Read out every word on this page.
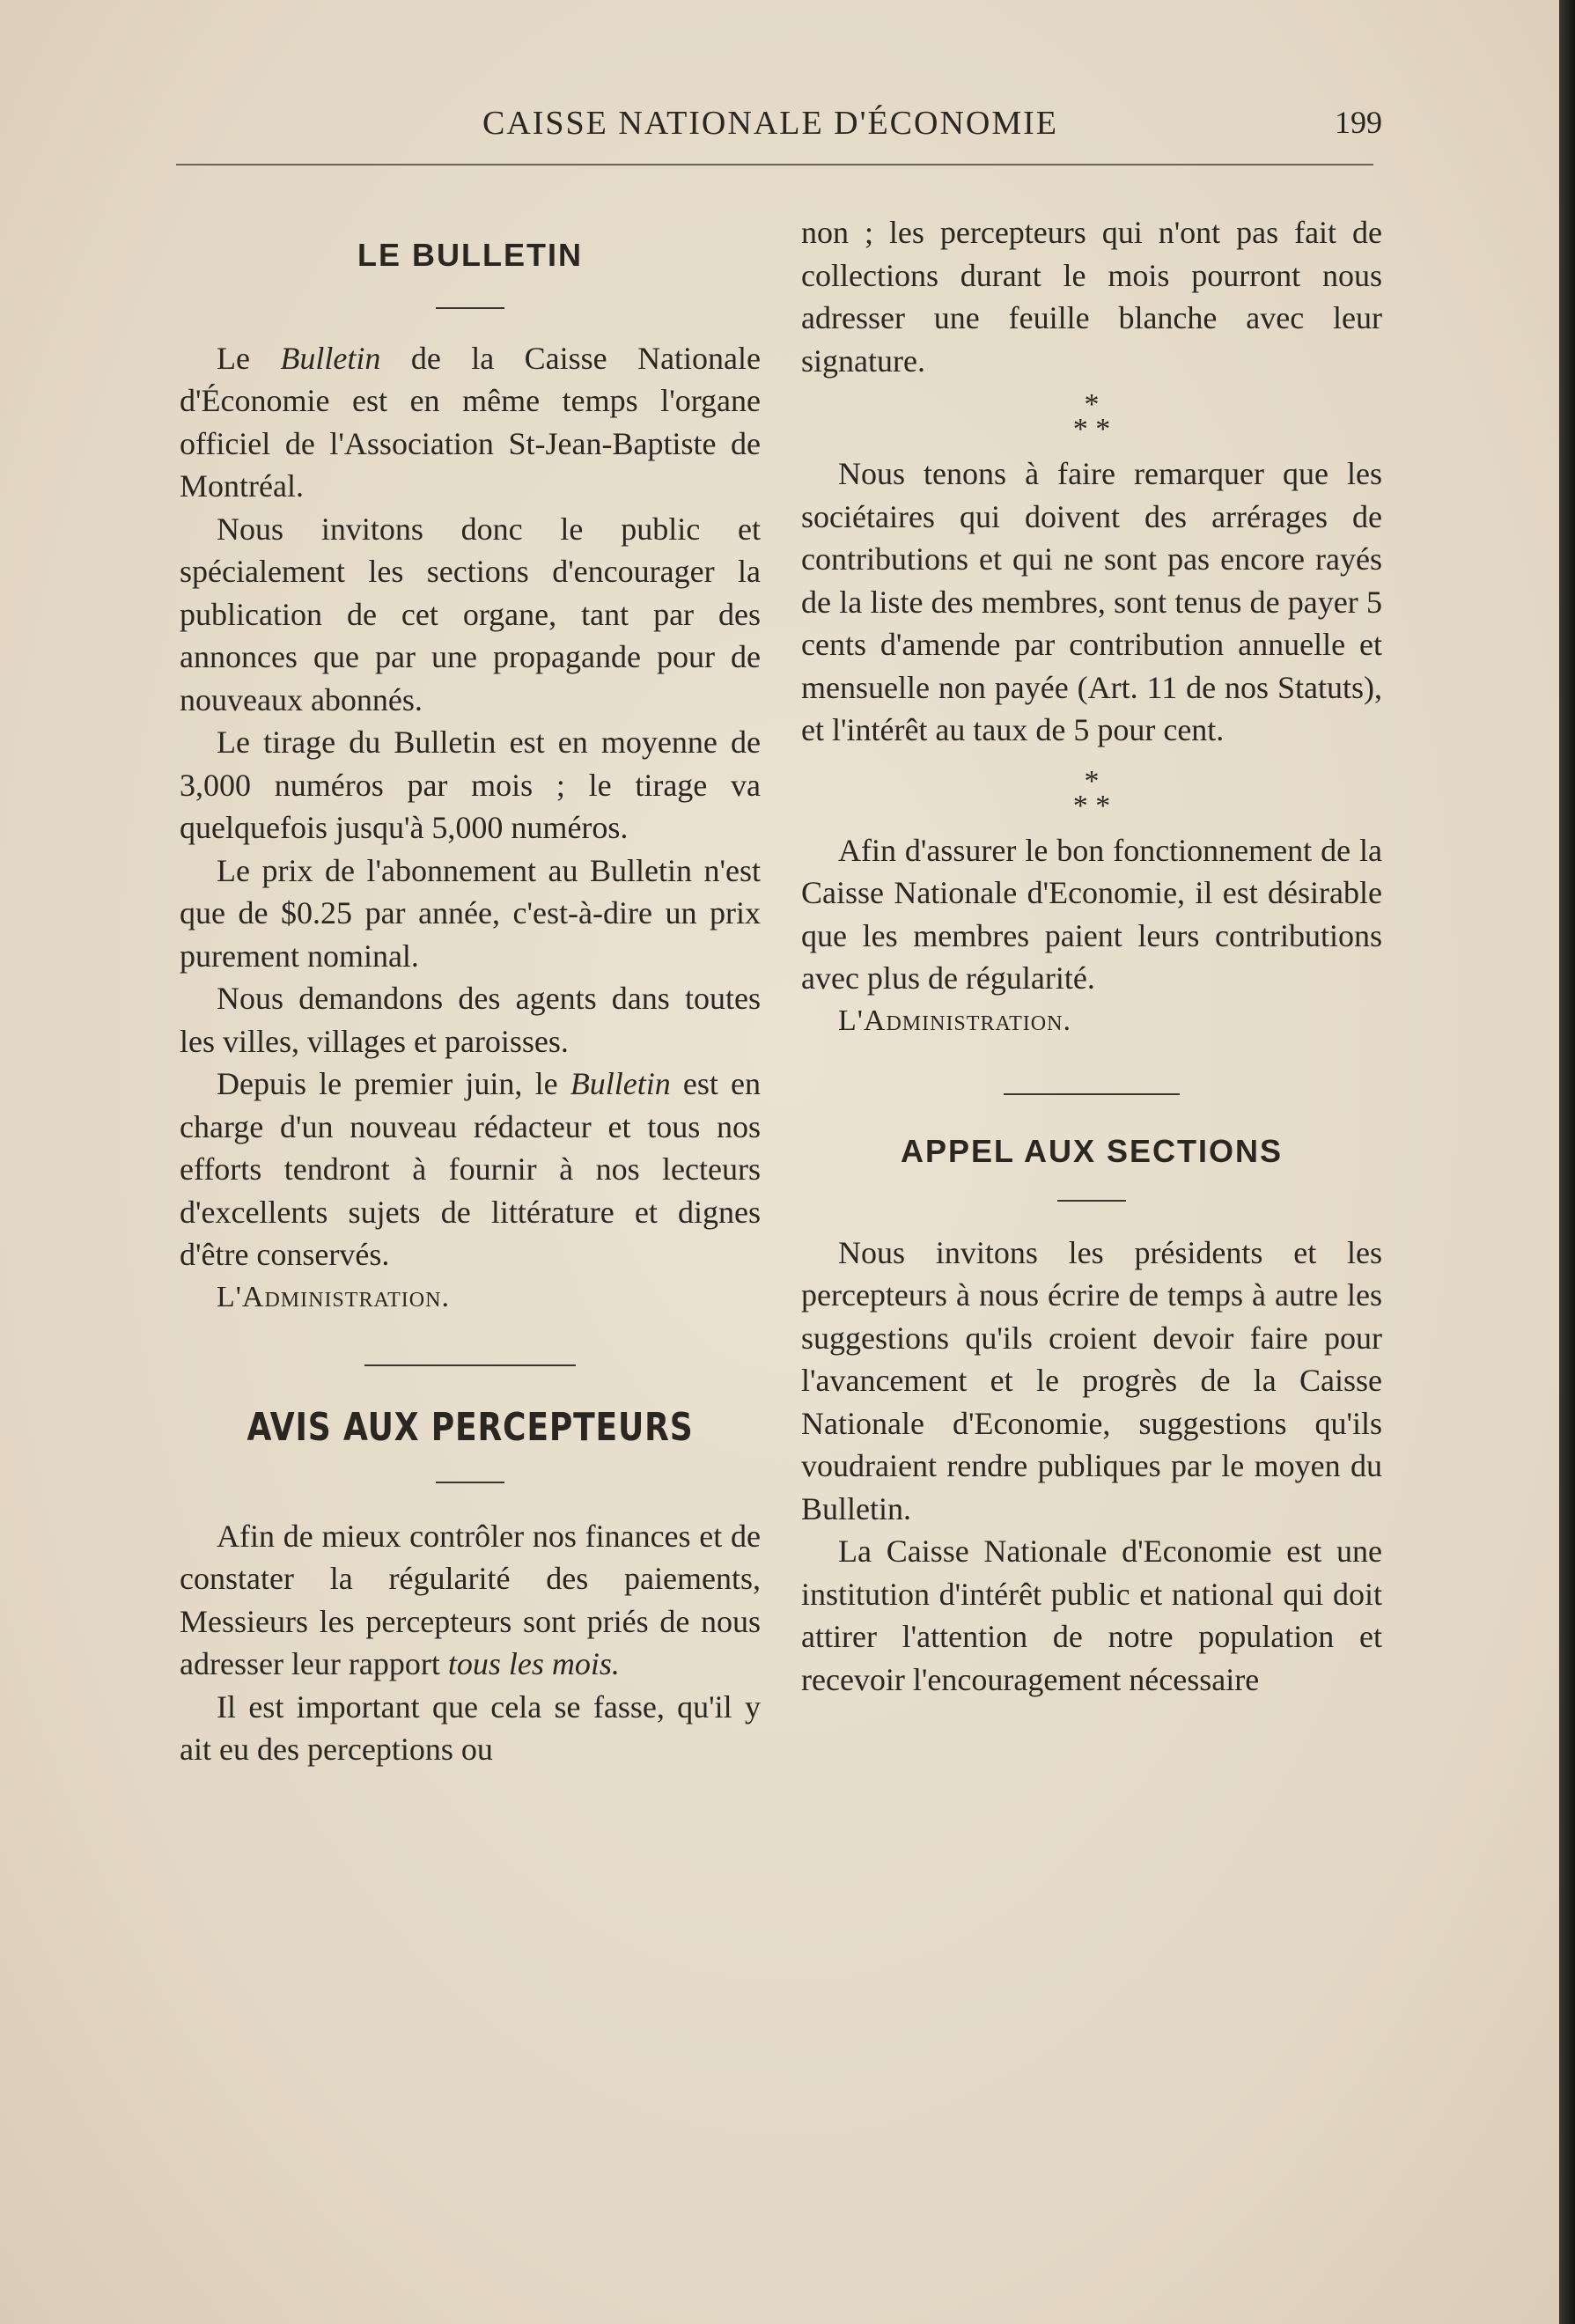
CAISSE NATIONALE D'ÉCONOMIE	199
LE BULLETIN

Le Bulletin de la Caisse Nationale d'Économie est en même temps l'organe officiel de l'Association St-Jean-Baptiste de Montréal.

Nous invitons donc le public et spécialement les sections d'encourager la publication de cet organe, tant par des annonces que par une propagande pour de nouveaux abonnés.

Le tirage du Bulletin est en moyenne de 3,000 numéros par mois ; le tirage va quelquefois jusqu'à 5,000 numéros.

Le prix de l'abonnement au Bulletin n'est que de $0.25 par année, c'est-à-dire un prix purement nominal.

Nous demandons des agents dans toutes les villes, villages et paroisses.

Depuis le premier juin, le Bulletin est en charge d'un nouveau rédacteur et tous nos efforts tendront à fournir à nos lecteurs d'excellents sujets de littérature et dignes d'être conservés.

L'Administration.

AVIS AUX PERCEPTEURS

Afin de mieux contrôler nos finances et de constater la régularité des paiements, Messieurs les percepteurs sont priés de nous adresser leur rapport tous les mois.

Il est important que cela se fasse, qu'il y ait eu des perceptions ou

non ; les percepteurs qui n'ont pas fait de collections durant le mois pourront nous adresser une feuille blanche avec leur signature.

*
* *

Nous tenons à faire remarquer que les sociétaires qui doivent des arrérages de contributions et qui ne sont pas encore rayés de la liste des membres, sont tenus de payer 5 cents d'amende par contribution annuelle et mensuelle non payée (Art. 11 de nos Statuts), et l'intérêt au taux de 5 pour cent.

*
* *

Afin d'assurer le bon fonctionnement de la Caisse Nationale d'Economie, il est désirable que les membres paient leurs contributions avec plus de régularité.

L'Administration.

APPEL AUX SECTIONS

Nous invitons les présidents et les percepteurs à nous écrire de temps à autre les suggestions qu'ils croient devoir faire pour l'avancement et le progrès de la Caisse Nationale d'Economie, suggestions qu'ils voudraient rendre publiques par le moyen du Bulletin.

La Caisse Nationale d'Economie est une institution d'intérêt public et national qui doit attirer l'attention de notre population et recevoir l'encouragement nécessaire
